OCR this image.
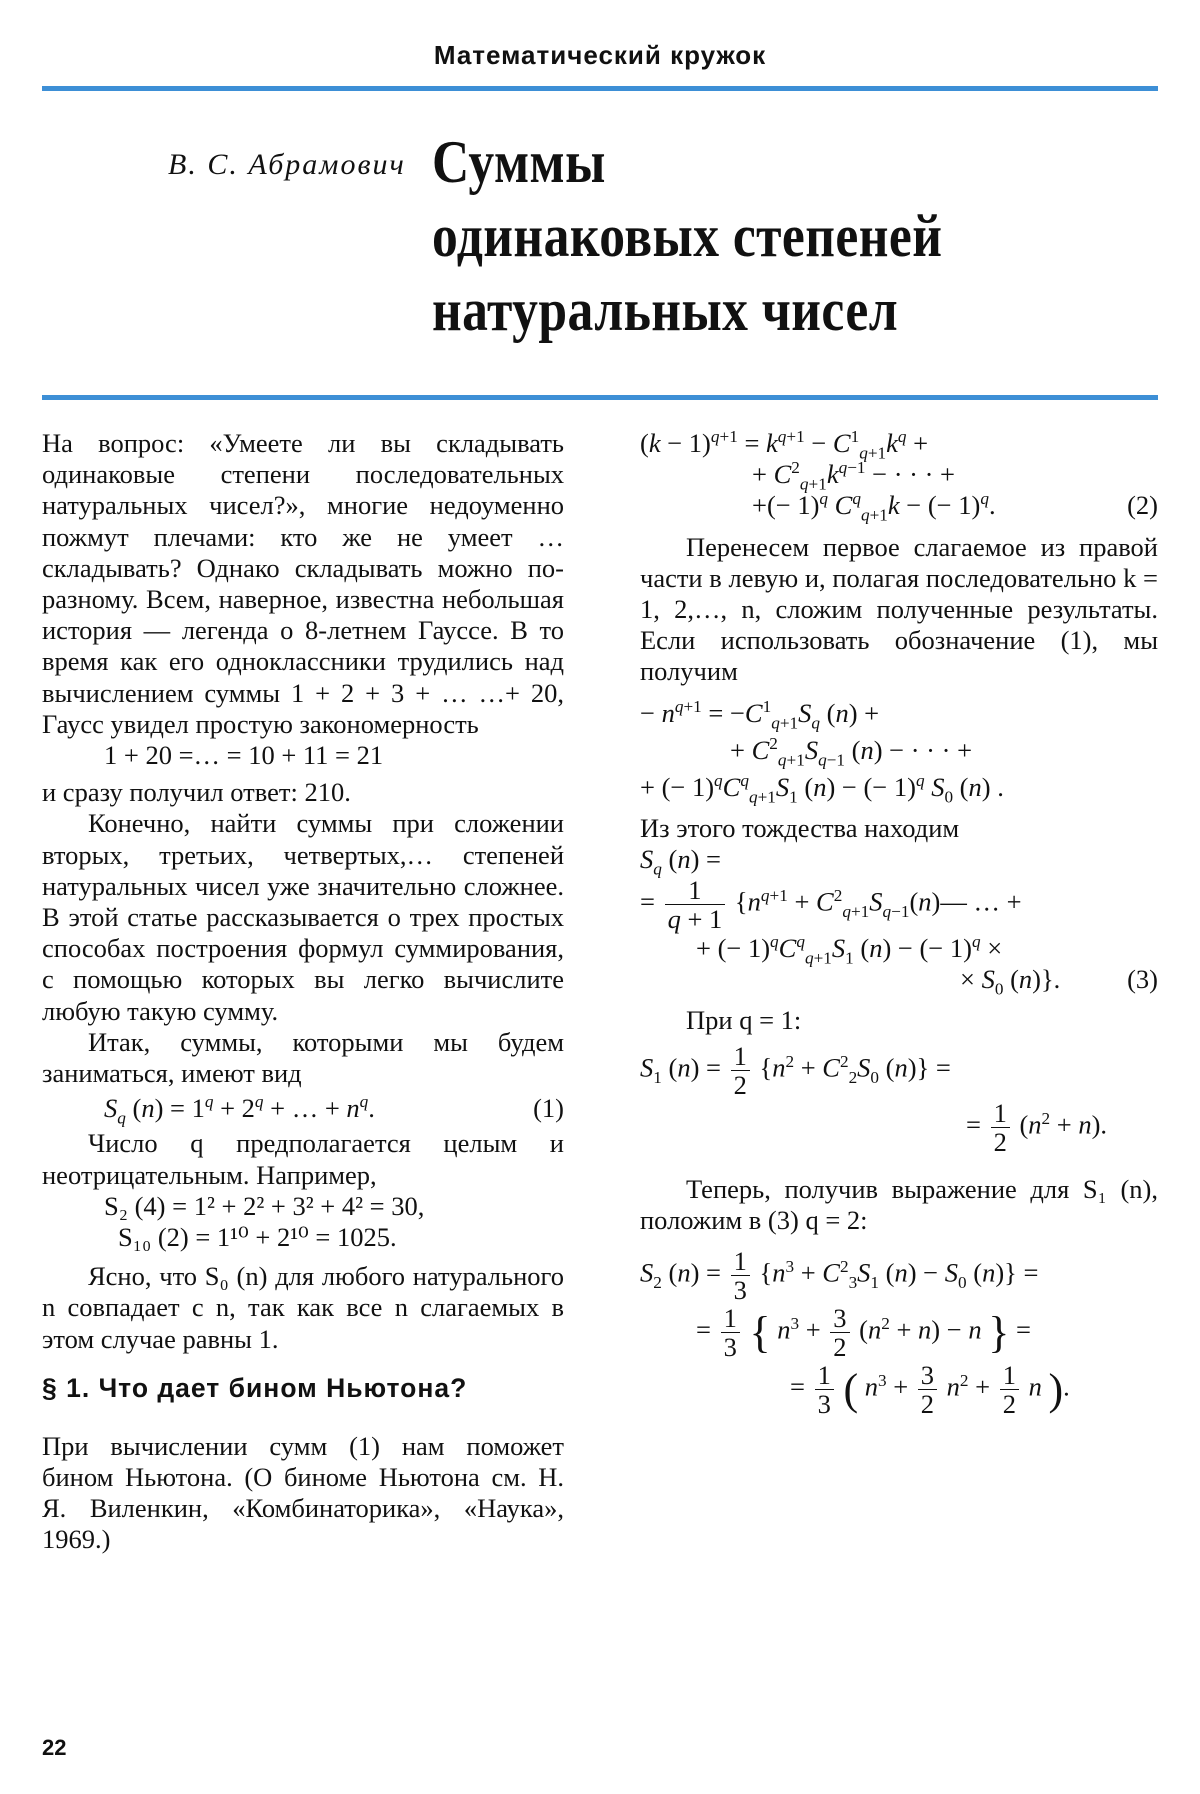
Математический кружок
В. С. Абрамович Суммы
одинаковых степеней
натуральных чисел

На вопрос: «Умеете ли вы складывать одинаковые степени последовательных натуральных чисел?», многие недоуменно пожмут плечами: кто же не умеет … складывать? Однако складывать можно по-разному. Всем, наверное, известна небольшая история — легенда о 8-летнем Гауссе. В то время как его одноклассники трудились над вычислением суммы 1 + 2 + 3 + … …+ 20, Гаусс увидел простую закономерность

1 + 20 =… = 10 + 11 = 21

и сразу получил ответ: 210.

Конечно, найти суммы при сложении вторых, третьих, четвертых,… степеней натуральных чисел уже значительно сложнее. В этой статье рассказывается о трех простых способах построения формул суммирования, с помощью которых вы легко вычислите любую такую сумму.

Итак, суммы, которыми мы будем заниматься, имеют вид

$S_q$ $(n) = 1^q + 2^q$ + … + $n^q$.	(1)

Число q предполагается целым и неотрицательным. Например,

S₂ (4) = 1² + 2² + 3² + 4² = 30,

S₁₀ (2) = 1¹⁰ + 2¹⁰ = 1025.

Ясно, что S₀ (n) для любого натурального n совпадает с n, так как все n слагаемых в этом случае равны 1.

§ 1. Что дает бином Ньютона?

При вычислении сумм (1) нам поможет бином Ньютона. (О биноме Ньютона см. Н. Я. Виленкин, «Комбинаторика», «Наука», 1969.)

$(k - 1)^{q+1} = k^{q+1} - C^1_{q+1}k^q$ +
+ $C^2_{q+1}k^{q-1}$ − · · · +
+(− 1)$^q$ $C^q_{q+1}k$ − (− 1)$^q$.	(2)

Перенесем первое слагаемое из правой части в левую и, полагая последовательно k = 1, 2,…, n, сложим полученные результаты. Если использовать обозначение (1), мы получим

− $n^{q+1} = -C^1_{q+1}S_q$ (n) +
+ $C^2_{q+1}S_{q-1}$ (n) − · · · +
+ (− $1)^qC^q_{q+1}S_1$ (n) − (− 1)$^q$ $S_0$ (n) .

Из этого тождества находим

$S_q$ (n) =
= $\frac{1}{q + 1} \{n^{q+1}$ + $C^2_{q+1}S_{q-1}(n)—$ … +
+ (− $1)^qC^q_{q+1}S_1$ (n) − (− 1)$^q$ ×
× $S_0$ (n)}.	(3)

При q = 1:

$S_1$ $(n) = \frac{1}{2} \{n^2 + C^2_2S_0$ (n)} =
= $\frac{1}{2} (n^2 + n)$.

Теперь, получив выражение для S₁ (n), положим в (3) q = 2:

$S_2$ $(n) = \frac{1}{3} \{n^3 + C^2_3S_1$ $(n) - S_0$ (n)} =
= $\frac{1}{3}$ { $n^3 + \frac{3}{2} (n^2 + n) - n$ } =
= $\frac{1}{3}$ ( $n^3 + \frac{3}{2} n^2 + \frac{1}{2}$ n ).
22
